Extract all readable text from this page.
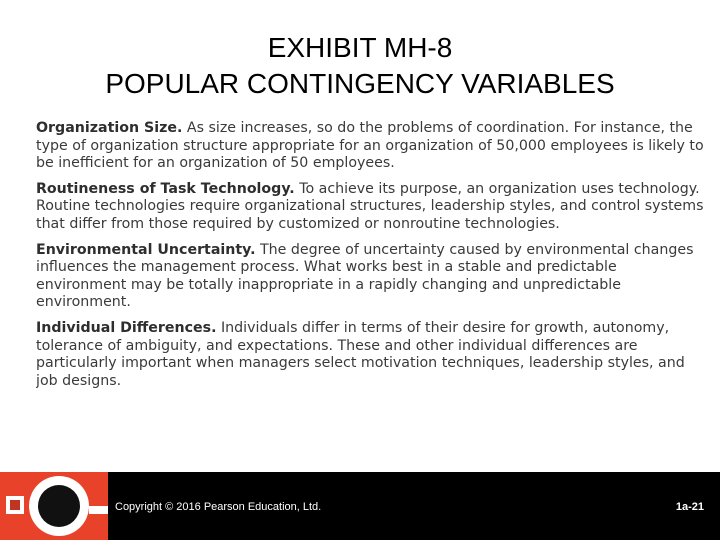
EXHIBIT MH-8
POPULAR CONTINGENCY VARIABLES

Organization Size. As size increases, so do the problems of coordination. For instance, the type of organization structure appropriate for an organization of 50,000 employees is likely to be inefficient for an organization of 50 employees.

Routineness of Task Technology. To achieve its purpose, an organization uses technology. Routine technologies require organizational structures, leadership styles, and control systems that differ from those required by customized or nonroutine technologies.

Environmental Uncertainty. The degree of uncertainty caused by environmental changes influences the management process. What works best in a stable and predictable environment may be totally inappropriate in a rapidly changing and unpredictable environment.

Individual Differences. Individuals differ in terms of their desire for growth, autonomy, tolerance of ambiguity, and expectations. These and other individual differences are particularly important when managers select motivation techniques, leadership styles, and job designs.

Copyright © 2016 Pearson Education, Ltd.	1a-21
